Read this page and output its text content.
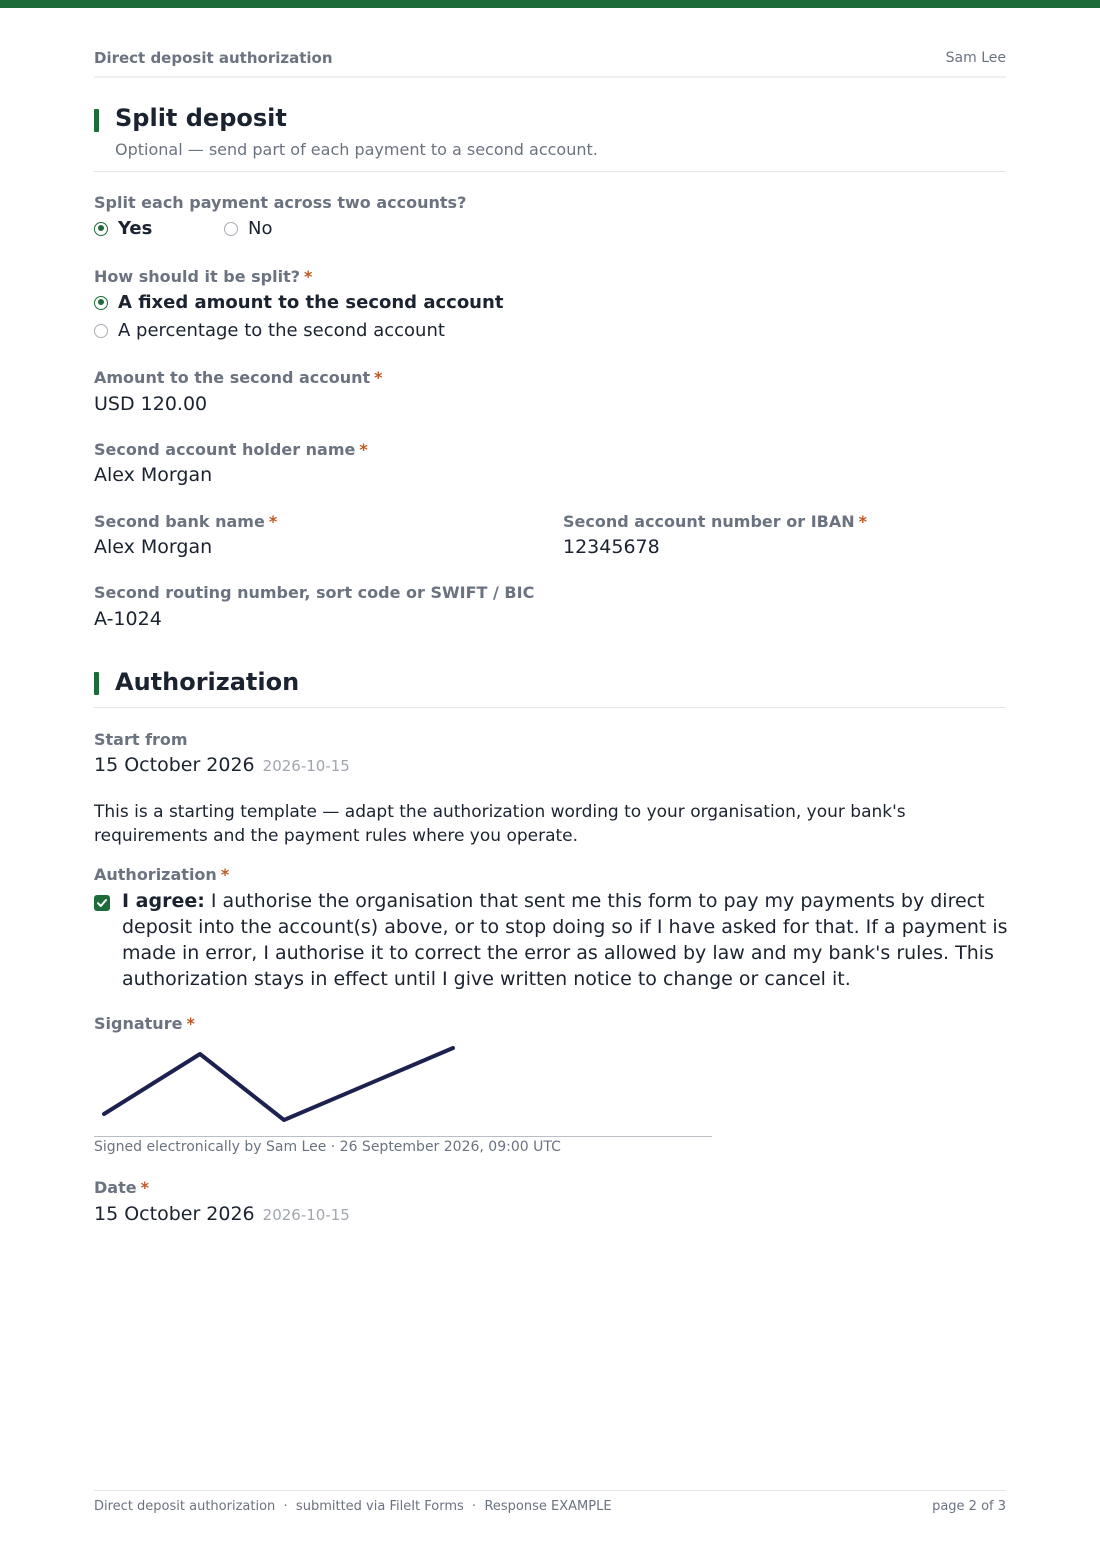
Direct deposit authorization	Sam Lee
Split deposit
Optional — send part of each payment to a second account.
Split each payment across two accounts?
Yes	No
How should it be split? *
A fixed amount to the second account
A percentage to the second account
Amount to the second account *
USD 120.00
Second account holder name *
Alex Morgan
Second bank name *
Alex Morgan
Second account number or IBAN *
12345678
Second routing number, sort code or SWIFT / BIC
A-1024
Authorization
Start from
15 October 2026 2026-10-15
This is a starting template — adapt the authorization wording to your organisation, your bank's requirements and the payment rules where you operate.
Authorization *
I agree: I authorise the organisation that sent me this form to pay my payments by direct deposit into the account(s) above, or to stop doing so if I have asked for that. If a payment is made in error, I authorise it to correct the error as allowed by law and my bank's rules. This authorization stays in effect until I give written notice to change or cancel it.
Signature *
Signed electronically by Sam Lee · 26 September 2026, 09:00 UTC
Date *
15 October 2026 2026-10-15
Direct deposit authorization  ·  submitted via FileIt Forms  ·  Response EXAMPLE	page 2 of 3
